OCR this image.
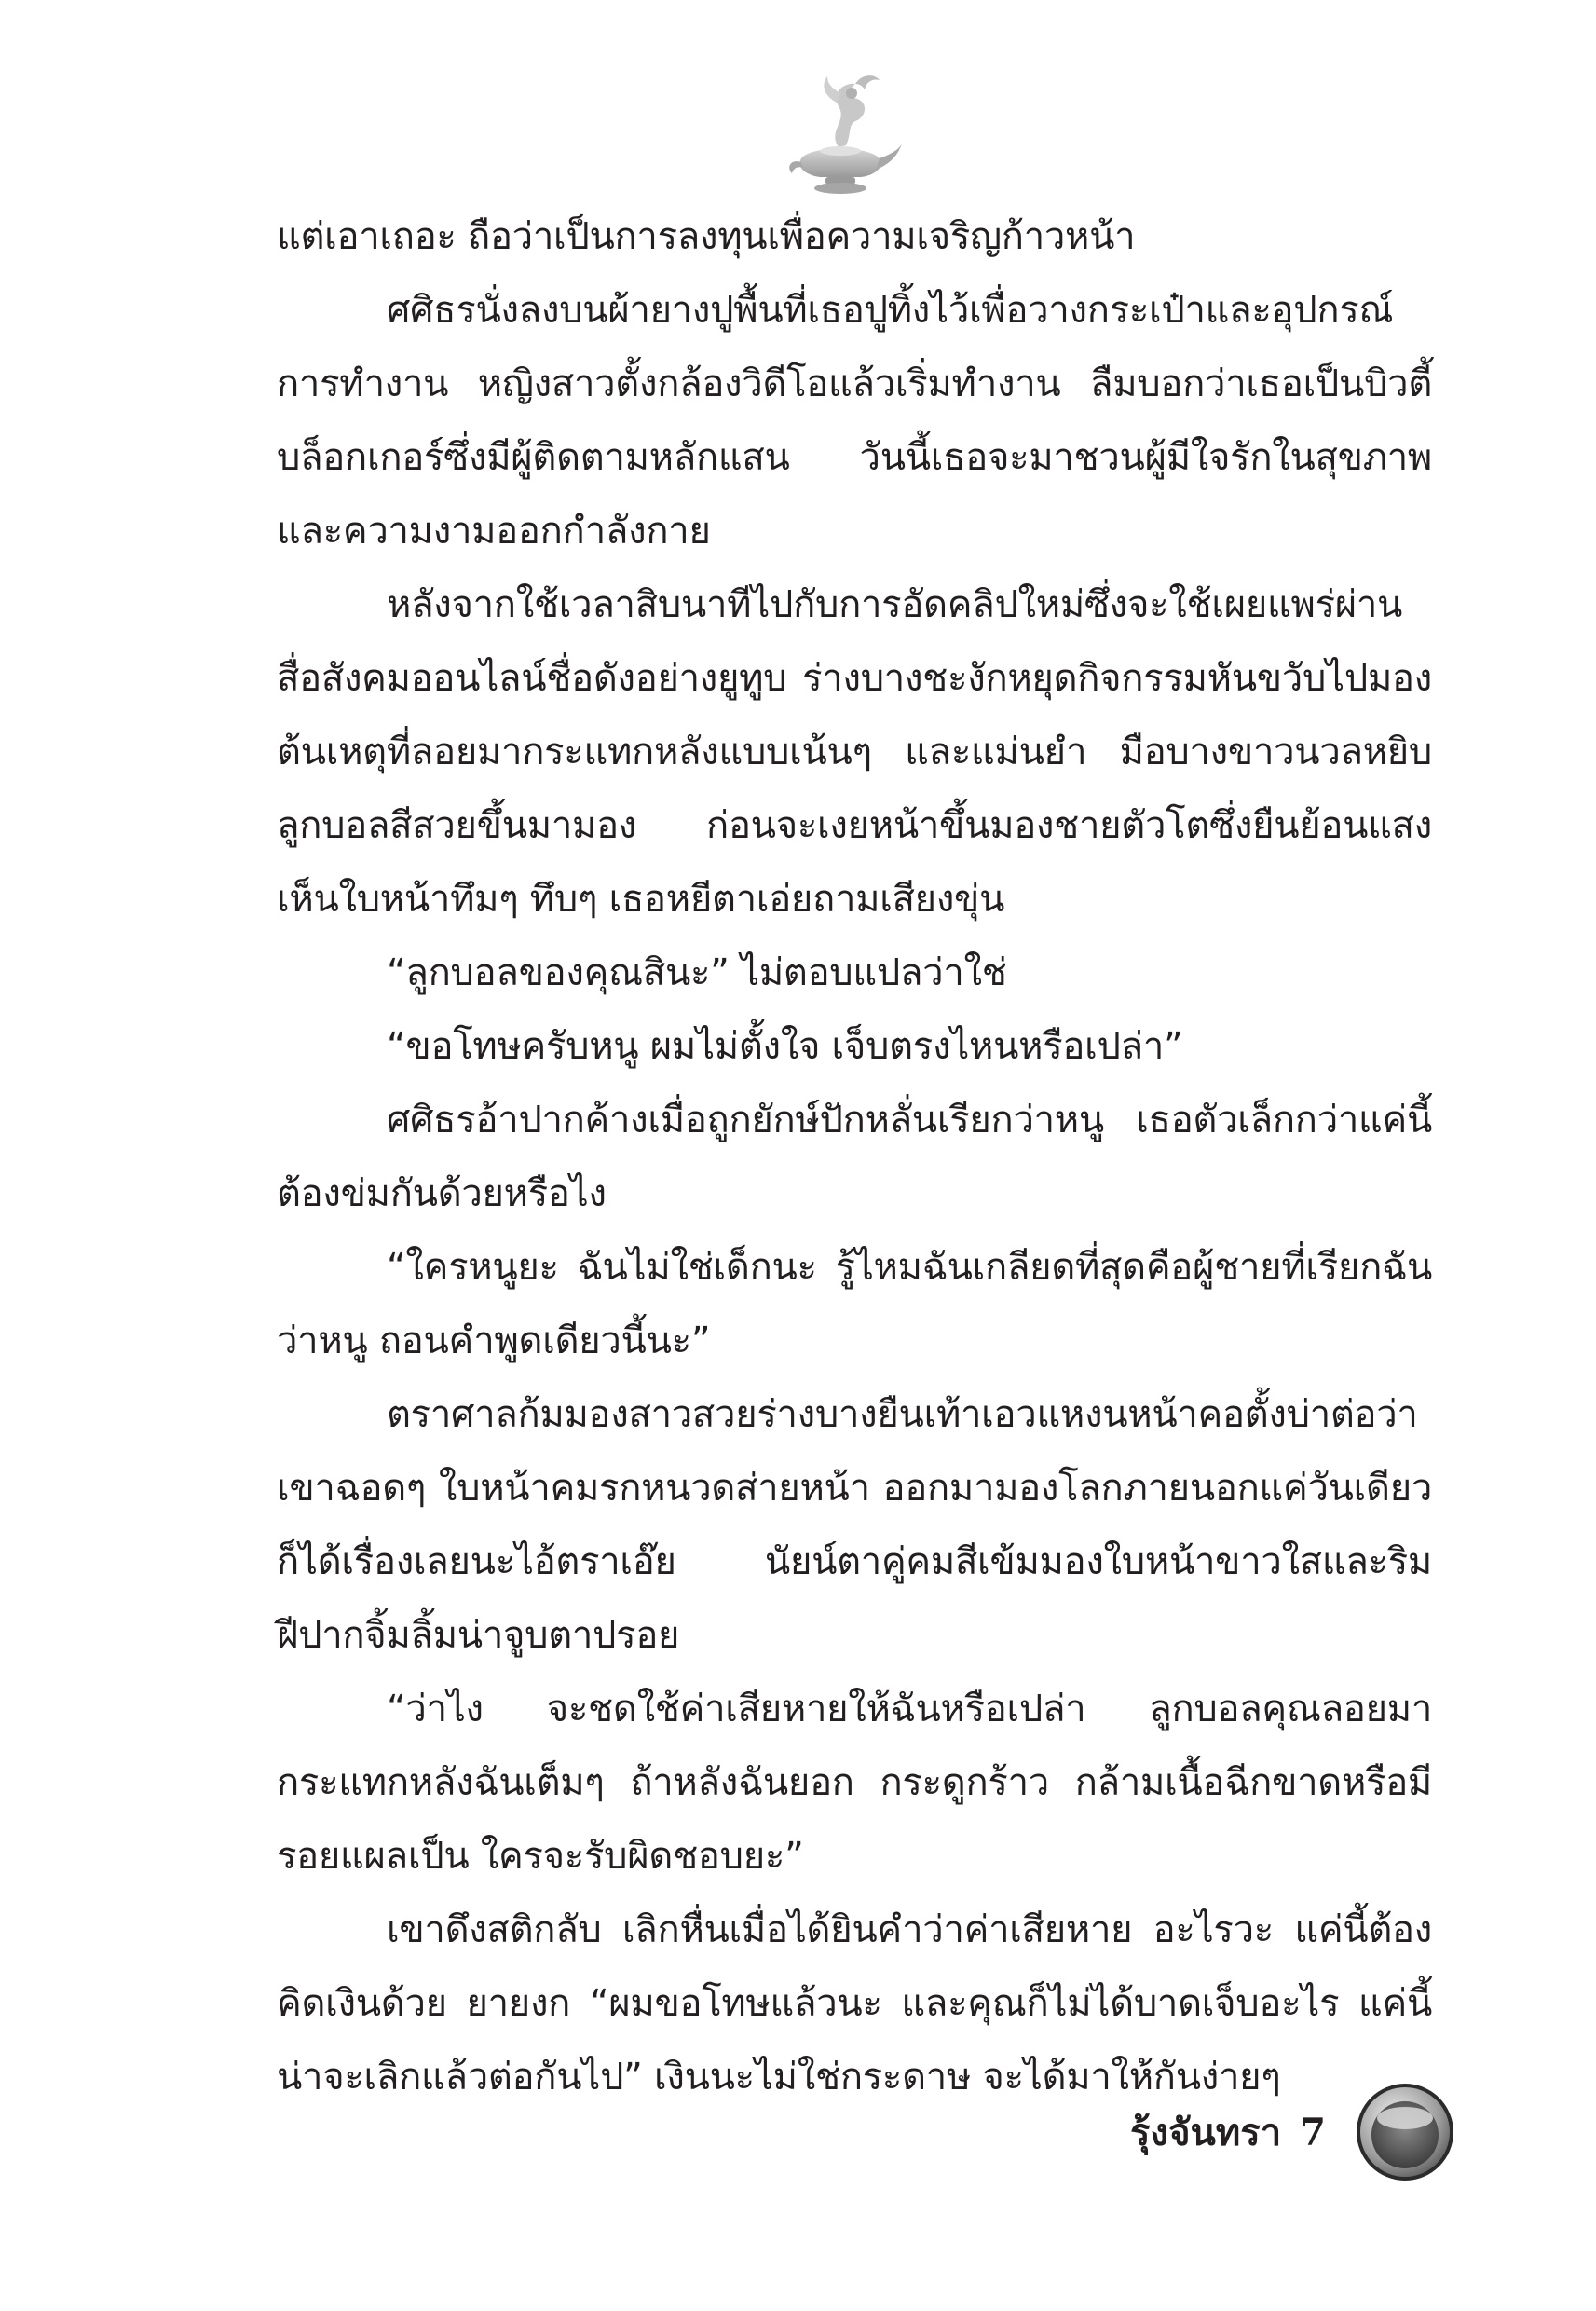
แต่เอาเถอะ ถือว่าเป็นการลงทุนเพื่อความเจริญก้าวหน้า

ศศิธรนั่งลงบนผ้ายางปูพื้นที่เธอปูทิ้งไว้เพื่อวางกระเป๋าและอุปกรณ์การทำงาน หญิงสาวตั้งกล้องวิดีโอแล้วเริ่มทำงาน ลืมบอกว่าเธอเป็นบิวตี้บล็อกเกอร์ซึ่งมีผู้ติดตามหลักแสน วันนี้เธอจะมาชวนผู้มีใจรักในสุขภาพและความงามออกกำลังกาย

หลังจากใช้เวลาสิบนาทีไปกับการอัดคลิปใหม่ซึ่งจะใช้เผยแพร่ผ่านสื่อสังคมออนไลน์ชื่อดังอย่างยูทูบ ร่างบางชะงักหยุดกิจกรรมหันขวับไปมองต้นเหตุที่ลอยมากระแทกหลังแบบเน้นๆ และแม่นยำ มือบางขาวนวลหยิบลูกบอลสีสวยขึ้นมามอง ก่อนจะเงยหน้าขึ้นมองชายตัวโตซึ่งยืนย้อนแสงเห็นใบหน้าทึมๆ ทึบๆ เธอหยีตาเอ่ยถามเสียงขุ่น

“ลูกบอลของคุณสินะ” ไม่ตอบแปลว่าใช่

“ขอโทษครับหนู ผมไม่ตั้งใจ เจ็บตรงไหนหรือเปล่า”

ศศิธรอ้าปากค้างเมื่อถูกยักษ์ปักหลั่นเรียกว่าหนู เธอตัวเล็กกว่าแค่นี้ต้องข่มกันด้วยหรือไง

“ใครหนูยะ ฉันไม่ใช่เด็กนะ รู้ไหมฉันเกลียดที่สุดคือผู้ชายที่เรียกฉันว่าหนู ถอนคำพูดเดียวนี้นะ”

ตราศาลก้มมองสาวสวยร่างบางยืนเท้าเอวแหงนหน้าคอตั้งบ่าต่อว่าเขาฉอดๆ ใบหน้าคมรกหนวดส่ายหน้า ออกมามองโลกภายนอกแค่วันเดียวก็ได้เรื่องเลยนะไอ้ตราเอ๊ย นัยน์ตาคู่คมสีเข้มมองใบหน้าขาวใสและริมฝีปากจิ้มลิ้มน่าจูบตาปรอย

“ว่าไง จะชดใช้ค่าเสียหายให้ฉันหรือเปล่า ลูกบอลคุณลอยมากระแทกหลังฉันเต็มๆ ถ้าหลังฉันยอก กระดูกร้าว กล้ามเนื้อฉีกขาดหรือมีรอยแผลเป็น ใครจะรับผิดชอบยะ”

เขาดึงสติกลับ เลิกหื่นเมื่อได้ยินคำว่าค่าเสียหาย อะไรวะ แค่นี้ต้องคิดเงินด้วย ยายงก “ผมขอโทษแล้วนะ และคุณก็ไม่ได้บาดเจ็บอะไร แค่นี้น่าจะเลิกแล้วต่อกันไป” เงินนะไม่ใช่กระดาษ จะได้มาให้กันง่ายๆ

รุ้งจันทรา 7
